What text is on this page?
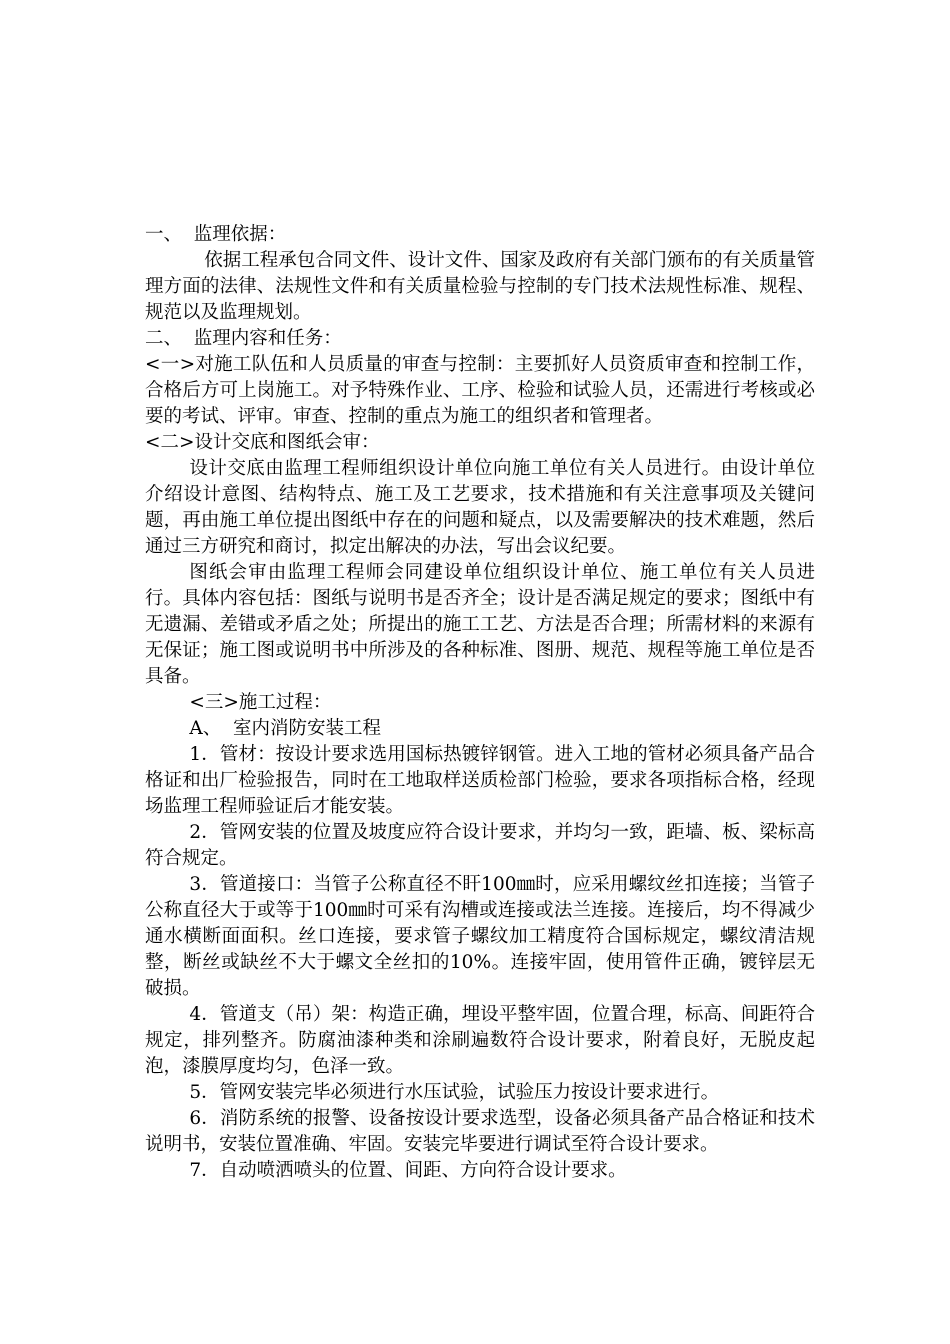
一、  监理依据：

依据工程承包合同文件、设计文件、国家及政府有关部门颁布的有关质量管理方面的法律、法规性文件和有关质量检验与控制的专门技术法规性标准、规程、规范以及监理规划。

二、  监理内容和任务：

<一>对施工队伍和人员质量的审查与控制：主要抓好人员资质审查和控制工作，合格后方可上岗施工。对予特殊作业、工序、检验和试验人员，还需进行考核或必要的考试、评审。审查、控制的重点为施工的组织者和管理者。

<二>设计交底和图纸会审：

设计交底由监理工程师组织设计单位向施工单位有关人员进行。由设计单位介绍设计意图、结构特点、施工及工艺要求，技术措施和有关注意事项及关键问题，再由施工单位提出图纸中存在的问题和疑点，以及需要解决的技术难题，然后通过三方研究和商讨，拟定出解决的办法，写出会议纪要。

图纸会审由监理工程师会同建设单位组织设计单位、施工单位有关人员进行。具体内容包括：图纸与说明书是否齐全；设计是否满足规定的要求；图纸中有无遗漏、差错或矛盾之处；所提出的施工工艺、方法是否合理；所需材料的来源有无保证；施工图或说明书中所涉及的各种标准、图册、规范、规程等施工单位是否具备。

<三>施工过程：

A、  室内消防安装工程

1．管材：按设计要求选用国标热镀锌钢管。进入工地的管材必须具备产品合格证和出厂检验报告，同时在工地取样送质检部门检验，要求各项指标合格，经现场监理工程师验证后才能安装。

2．管网安装的位置及坡度应符合设计要求，并均匀一致，距墙、板、梁标高符合规定。

3．管道接口：当管子公称直径不盰100㎜时，应采用螺纹丝扣连接；当管子公称直径大于或等于100㎜时可采有沟槽或连接或法兰连接。连接后，均不得减少通水横断面面积。丝口连接，要求管子螺纹加工精度符合国标规定，螺纹清洁规整，断丝或缺丝不大于螺文全丝扣的10%。连接牢固，使用管件正确，镀锌层无破损。

4．管道支（吊）架：构造正确，埋设平整牢固，位置合理，标高、间距符合规定，排列整齐。防腐油漆种类和涂刷遍数符合设计要求，附着良好，无脱皮起泡，漆膜厚度均匀，色泽一致。

5．管网安装完毕必须进行水压试验，试验压力按设计要求进行。

6．消防系统的报警、设备按设计要求选型，设备必须具备产品合格证和技术说明书，安装位置准确、牢固。安装完毕要进行调试至符合设计要求。

7．自动喷洒喷头的位置、间距、方向符合设计要求。
